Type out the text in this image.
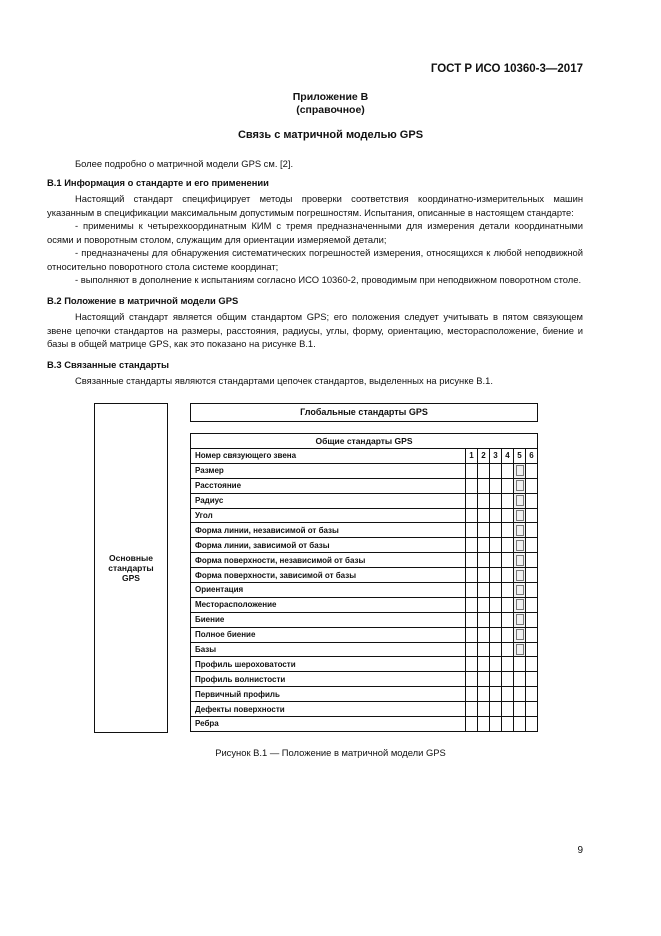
ГОСТ Р ИСО 10360-3—2017
Приложение В
(справочное)
Связь с матричной моделью GPS

Более подробно о матричной модели GPS см. [2].

В.1 Информация о стандарте и его применении

Настоящий стандарт специфицирует методы проверки соответствия координатно-измерительных машин указанным в спецификации максимальным допустимым погрешностям. Испытания, описанные в настоящем стандарте:

- применимы к четырехкоординатным КИМ с тремя предназначенными для измерения детали координатными осями и поворотным столом, служащим для ориентации измеряемой детали;

- предназначены для обнаружения систематических погрешностей измерения, относящихся к любой неподвижной относительно поворотного стола системе координат;

- выполняют в дополнение к испытаниям согласно ИСО 10360-2, проводимым при неподвижном поворотном столе.

В.2 Положение в матричной модели GPS

Настоящий стандарт является общим стандартом GPS; его положения следует учитывать в пятом связующем звене цепочки стандартов на размеры, расстояния, радиусы, углы, форму, ориентацию, месторасположение, биение и базы в общей матрице GPS, как это показано на рисунке В.1.

В.3 Связанные стандарты

Связанные стандарты являются стандартами цепочек стандартов, выделенных на рисунке В.1.

Основные стандарты GPS
Глобальные стандарты GPS
Общие стандарты GPS
Номер связующего звена	1	2	3	4	5	6
Размер						
Расстояние						
Радиус						
Угол						
Форма линии, независимой от базы						
Форма линии, зависимой от базы						
Форма поверхности, независимой от базы						
Форма поверхности, зависимой от базы						
Ориентация						
Месторасположение						
Биение						
Полное биение						
Базы						
Профиль шероховатости						
Профиль волнистости						
Первичный профиль						
Дефекты поверхности						
Ребра						
Рисунок В.1 — Положение в матричной модели GPS
9
